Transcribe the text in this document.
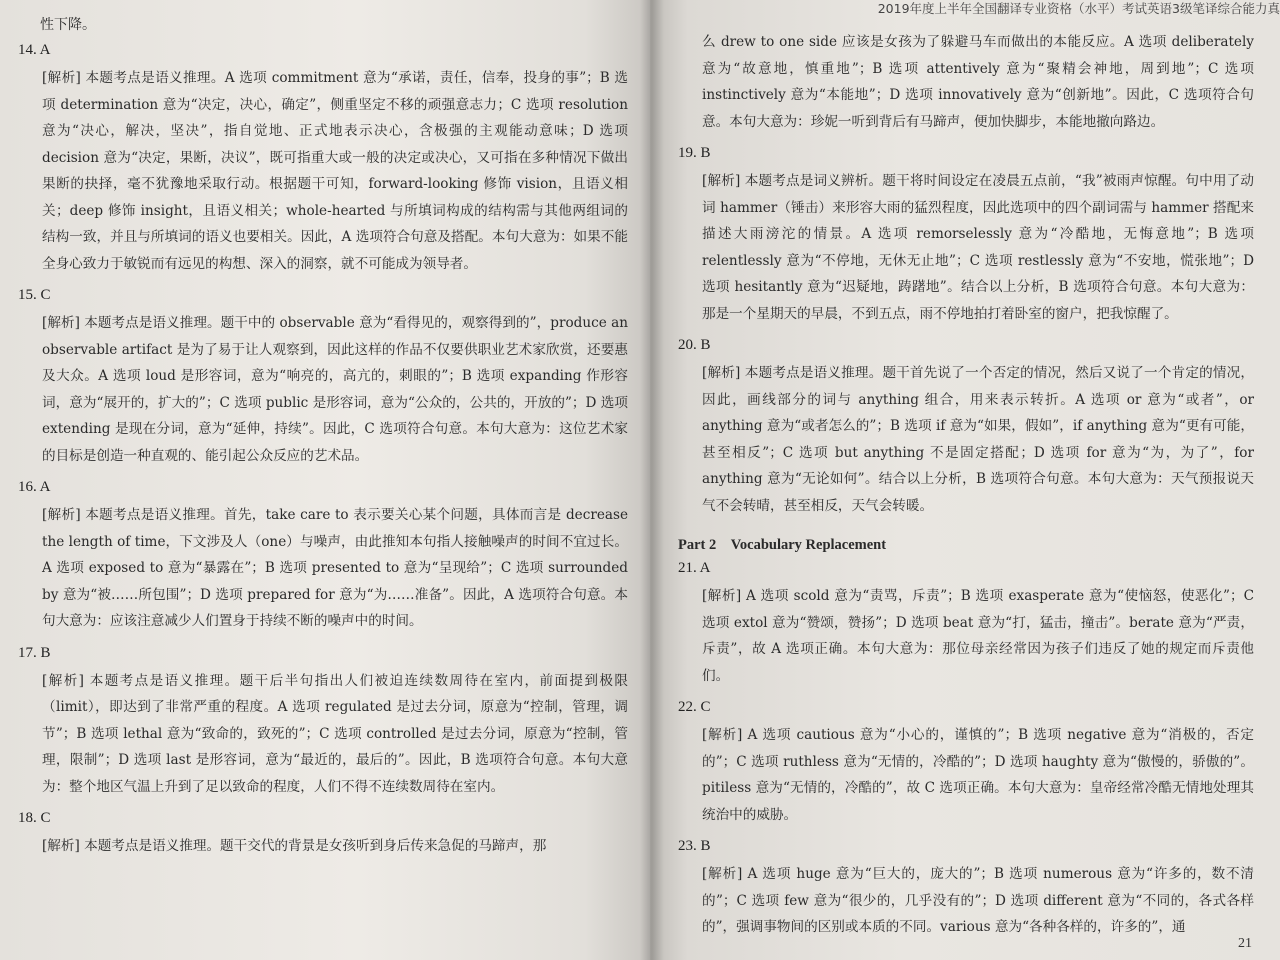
性下降。
14. A
[解析] 本题考点是语义推理。A 选项 commitment 意为“承诺，责任，信奉，投身的事”；B 选项 determination 意为“决定，决心，确定”，侧重坚定不移的顽强意志力；C 选项 resolution 意为“决心，解决，坚决”，指自觉地、正式地表示决心，含极强的主观能动意味；D 选项 decision 意为“决定，果断，决议”，既可指重大或一般的决定或决心，又可指在多种情况下做出果断的抉择，毫不犹豫地采取行动。根据题干可知，forward-looking 修饰 vision，且语义相关；deep 修饰 insight，且语义相关；whole-hearted 与所填词构成的结构需与其他两组词的结构一致，并且与所填词的语义也要相关。因此，A 选项符合句意及搭配。本句大意为：如果不能全身心致力于敏锐而有远见的构想、深入的洞察，就不可能成为领导者。
15. C
[解析] 本题考点是语义推理。题干中的 observable 意为“看得见的，观察得到的”，produce an observable artifact 是为了易于让人观察到，因此这样的作品不仅要供职业艺术家欣赏，还要惠及大众。A 选项 loud 是形容词，意为“响亮的，高亢的，刺眼的”；B 选项 expanding 作形容词，意为“展开的，扩大的”；C 选项 public 是形容词，意为“公众的，公共的，开放的”；D 选项 extending 是现在分词，意为“延伸，持续”。因此，C 选项符合句意。本句大意为：这位艺术家的目标是创造一种直观的、能引起公众反应的艺术品。
16. A
[解析] 本题考点是语义推理。首先，take care to 表示要关心某个问题，具体而言是 decrease the length of time，下文涉及人（one）与噪声，由此推知本句指人接触噪声的时间不宜过长。A 选项 exposed to 意为“暴露在”；B 选项 presented to 意为“呈现给”；C 选项 surrounded by 意为“被……所包围”；D 选项 prepared for 意为“为……准备”。因此，A 选项符合句意。本句大意为：应该注意减少人们置身于持续不断的噪声中的时间。
17. B
[解析] 本题考点是语义推理。题干后半句指出人们被迫连续数周待在室内，前面提到极限（limit），即达到了非常严重的程度。A 选项 regulated 是过去分词，原意为“控制，管理，调节”；B 选项 lethal 意为“致命的，致死的”；C 选项 controlled 是过去分词，原意为“控制，管理，限制”；D 选项 last 是形容词，意为“最近的，最后的”。因此，B 选项符合句意。本句大意为：整个地区气温上升到了足以致命的程度，人们不得不连续数周待在室内。
18. C
[解析] 本题考点是语义推理。题干交代的背景是女孩听到身后传来急促的马蹄声，那
2019年度上半年全国翻译专业资格（水平）考试英语3级笔译综合能力真
么 drew to one side 应该是女孩为了躲避马车而做出的本能反应。A 选项 deliberately 意为“故意地，慎重地”；B 选项 attentively 意为“聚精会神地，周到地”；C 选项 instinctively 意为“本能地”；D 选项 innovatively 意为“创新地”。因此，C 选项符合句意。本句大意为：珍妮一听到背后有马蹄声，便加快脚步，本能地撤向路边。
19. B
[解析] 本题考点是词义辨析。题干将时间设定在凌晨五点前，“我”被雨声惊醒。句中用了动词 hammer（锤击）来形容大雨的猛烈程度，因此选项中的四个副词需与 hammer 搭配来描述大雨滂沱的情景。A 选项 remorselessly 意为“冷酷地，无悔意地”；B 选项 relentlessly 意为“不停地，无休无止地”；C 选项 restlessly 意为“不安地，慌张地”；D 选项 hesitantly 意为“迟疑地，踌躇地”。结合以上分析，B 选项符合句意。本句大意为：那是一个星期天的早晨，不到五点，雨不停地拍打着卧室的窗户，把我惊醒了。
20. B
[解析] 本题考点是语义推理。题干首先说了一个否定的情况，然后又说了一个肯定的情况，因此，画线部分的词与 anything 组合，用来表示转折。A 选项 or 意为“或者”，or anything 意为“或者怎么的”；B 选项 if 意为“如果，假如”，if anything 意为“更有可能，甚至相反”；C 选项 but anything 不是固定搭配；D 选项 for 意为“为，为了”，for anything 意为“无论如何”。结合以上分析，B 选项符合句意。本句大意为：天气预报说天气不会转晴，甚至相反，天气会转暖。
Part 2　Vocabulary Replacement
21. A
[解析] A 选项 scold 意为“责骂，斥责”；B 选项 exasperate 意为“使恼怒，使恶化”；C 选项 extol 意为“赞颂，赞扬”；D 选项 beat 意为“打，猛击，撞击”。berate 意为“严责，斥责”，故 A 选项正确。本句大意为：那位母亲经常因为孩子们违反了她的规定而斥责他们。
22. C
[解析] A 选项 cautious 意为“小心的，谨慎的”；B 选项 negative 意为“消极的，否定的”；C 选项 ruthless 意为“无情的，冷酷的”；D 选项 haughty 意为“傲慢的，骄傲的”。pitiless 意为“无情的，冷酷的”，故 C 选项正确。本句大意为：皇帝经常冷酷无情地处理其统治中的威胁。
23. B
[解析] A 选项 huge 意为“巨大的，庞大的”；B 选项 numerous 意为“许多的，数不清的”；C 选项 few 意为“很少的，几乎没有的”；D 选项 different 意为“不同的，各式各样的”，强调事物间的区别或本质的不同。various 意为“各种各样的，许多的”，通
21
